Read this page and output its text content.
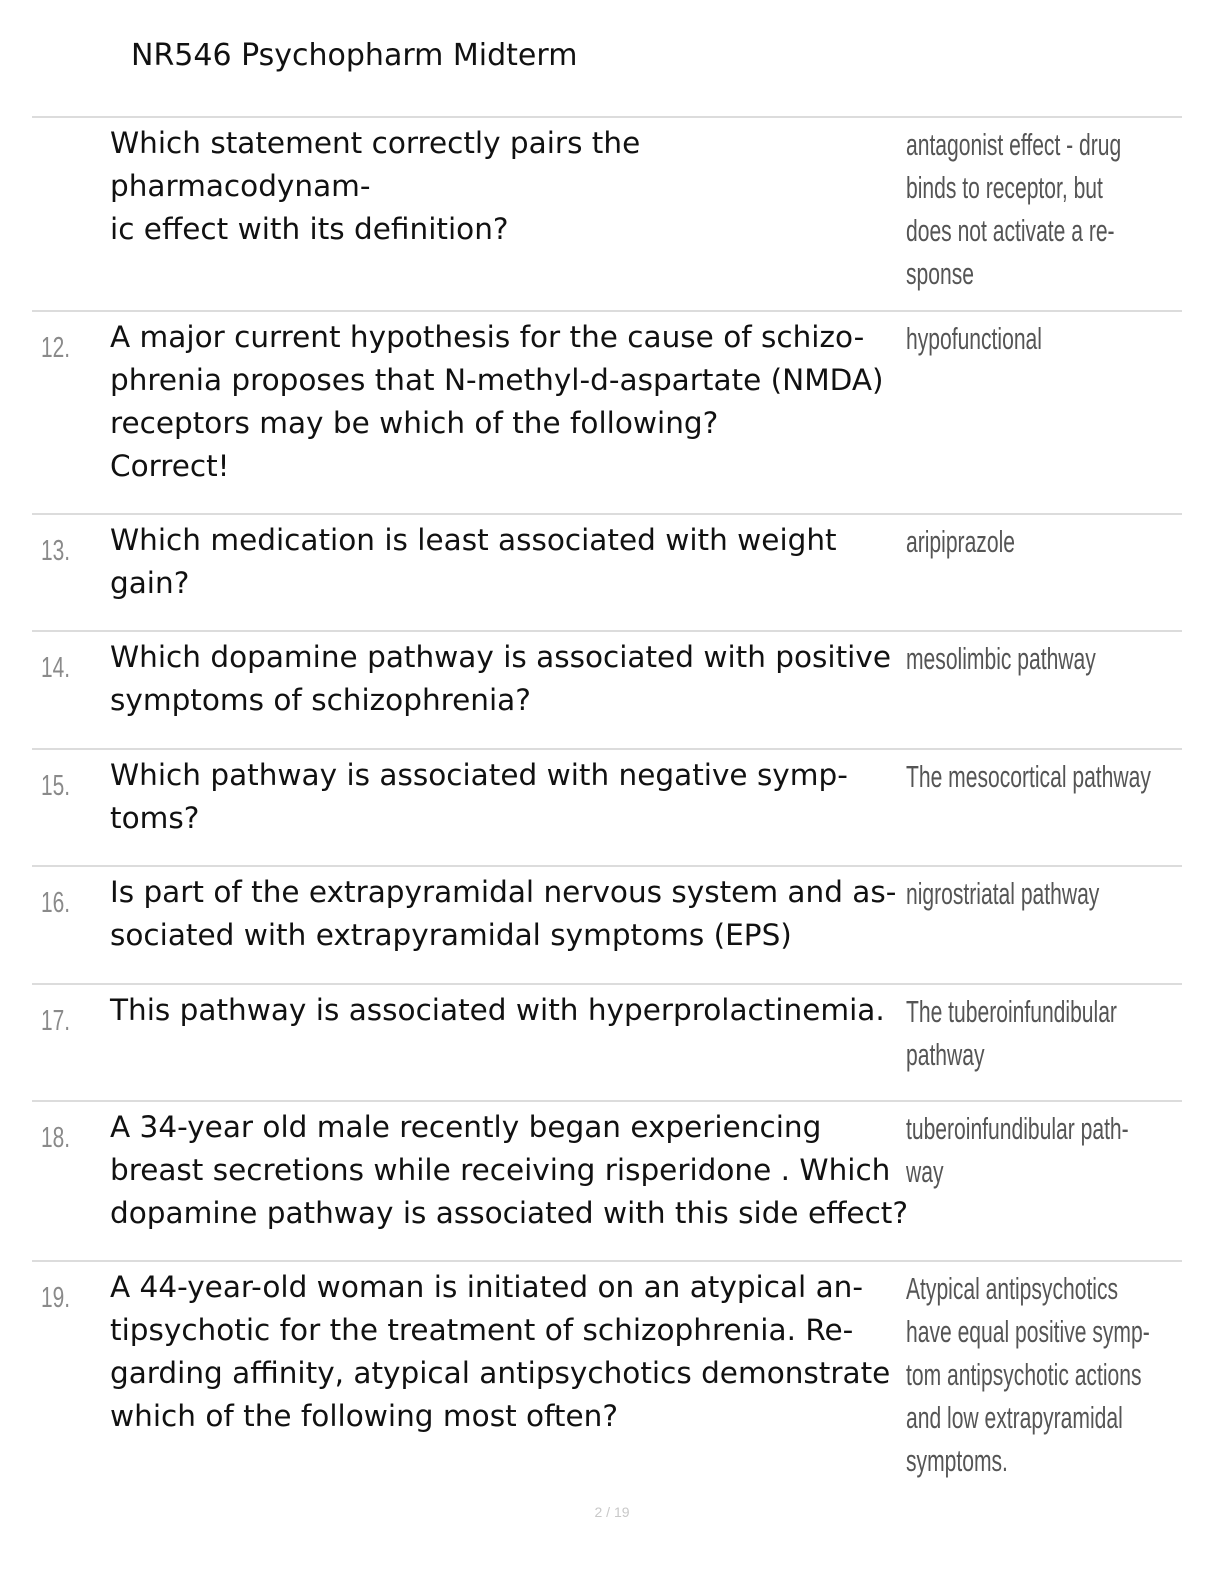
NR546 Psychopharm Midterm
Which statement correctly pairs the pharmacodynam-
ic effect with its definition?
antagonist effect - drug
binds to receptor, but
does not activate a re-
sponse
12. A major current hypothesis for the cause of schizo-
phrenia proposes that N-methyl-d-aspartate (NMDA)
receptors may be which of the following?
Correct!
hypofunctional
13. Which medication is least associated with weight
gain?
aripiprazole
14. Which dopamine pathway is associated with positive
symptoms of schizophrenia?
mesolimbic pathway
15. Which pathway is associated with negative symp-
toms?
The mesocortical pathway
16. Is part of the extrapyramidal nervous system and as-
sociated with extrapyramidal symptoms (EPS)
nigrostriatal pathway
17. This pathway is associated with hyperprolactinemia. The tuberoinfundibular
pathway
18. A 34-year old male recently began experiencing
breast secretions while receiving risperidone . Which
dopamine pathway is associated with this side effect?
tuberoinfundibular path-
way
19. A 44-year-old woman is initiated on an atypical an-
tipsychotic for the treatment of schizophrenia. Re-
garding affinity, atypical antipsychotics demonstrate
which of the following most often?
Atypical antipsychotics
have equal positive symp-
tom antipsychotic actions
and low extrapyramidal
symptoms.
2 / 19
